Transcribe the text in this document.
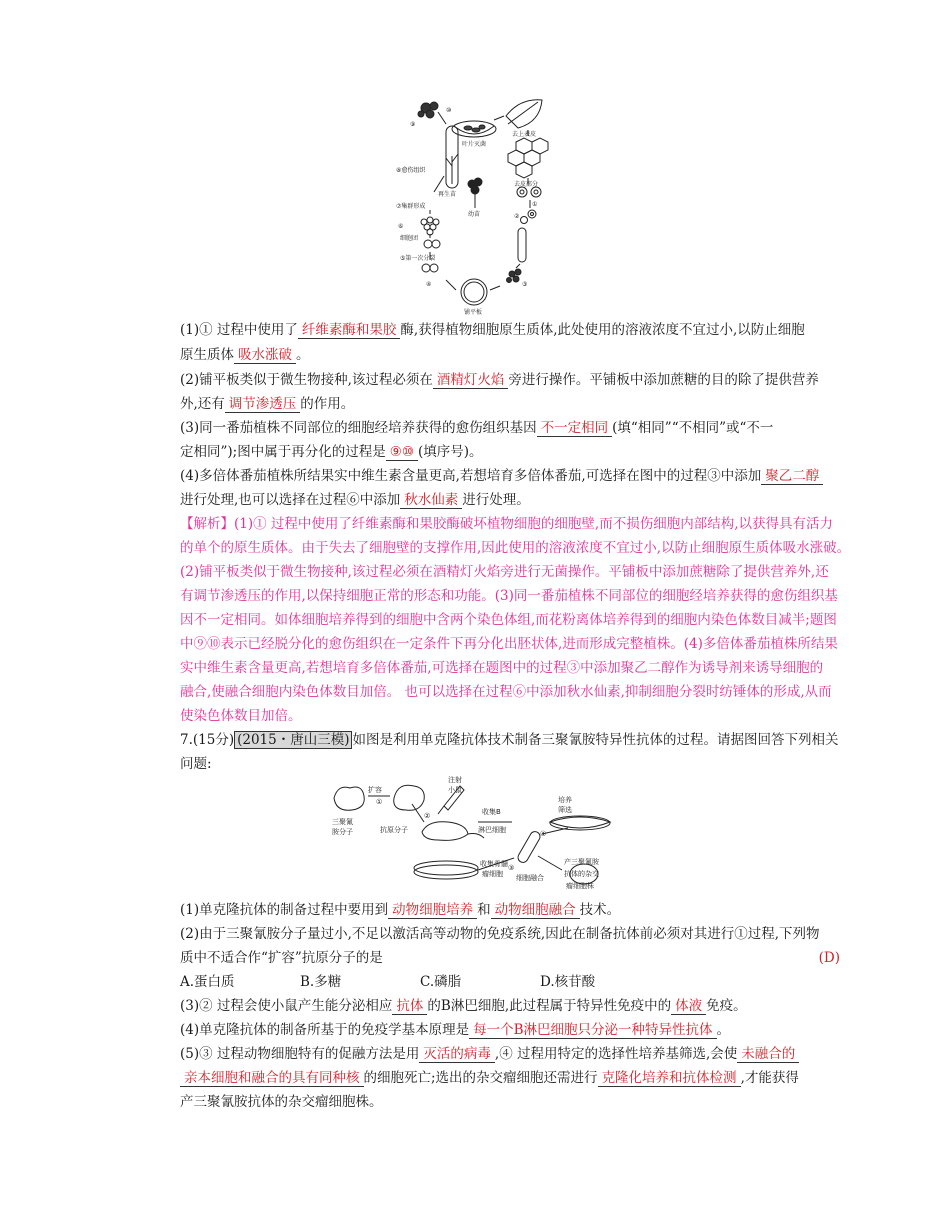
⑩
⑨
叶片灭菌
去上表皮
去皮部分
①
②
⑧愈伤组织
再生苗
幼苗
⑦集群形成
⑥
细胞团
⑤第一次分裂
④	③
铺平板
扩容
注射
小鼠
三聚氰
胺分子	抗原分子
收集B
淋巴细胞
培养
筛选
④
①
②
收集骨髓
瘤细胞
③
细胞融合
产三聚氰胺
抗体的杂交
瘤细胞株
(1)① 过程中使用了 纤维素酶和果胶 酶,获得植物细胞原生质体,此处使用的溶液浓度不宜过小,以防止细胞
原生质体 吸水涨破 。
(2)铺平板类似于微生物接种,该过程必须在 酒精灯火焰 旁进行操作。平铺板中添加蔗糖的目的除了提供营养
外,还有 调节渗透压 的作用。
(3)同一番茄植株不同部位的细胞经培养获得的愈伤组织基因 不一定相同 (填“相同”“不相同”或“不一
定相同”);图中属于再分化的过程是 ⑨⑩ (填序号)。
(4)多倍体番茄植株所结果实中维生素含量更高,若想培育多倍体番茄,可选择在图中的过程③中添加 聚乙二醇
进行处理,也可以选择在过程⑥中添加 秋水仙素 进行处理。
【解析】(1)① 过程中使用了纤维素酶和果胶酶破坏植物细胞的细胞壁,而不损伤细胞内部结构,以获得具有活力
的单个的原生质体。由于失去了细胞壁的支撑作用,因此使用的溶液浓度不宜过小,以防止细胞原生质体吸水涨破。
(2)铺平板类似于微生物接种,该过程必须在酒精灯火焰旁进行无菌操作。平铺板中添加蔗糖除了提供营养外,还
有调节渗透压的作用,以保持细胞正常的形态和功能。(3)同一番茄植株不同部位的细胞经培养获得的愈伤组织基
因不一定相同。如体细胞培养得到的细胞中含两个染色体组,而花粉离体培养得到的细胞内染色体数目减半;题图
中⑨⑩表示已经脱分化的愈伤组织在一定条件下再分化出胚状体,进而形成完整植株。(4)多倍体番茄植株所结果
实中维生素含量更高,若想培育多倍体番茄,可选择在题图中的过程③中添加聚乙二醇作为诱导剂来诱导细胞的
融合,使融合细胞内染色体数目加倍。 也可以选择在过程⑥中添加秋水仙素,抑制细胞分裂时纺锤体的形成,从而
使染色体数目加倍。
7.(15分) (2015・唐山三模) 如图是利用单克隆抗体技术制备三聚氰胺特异性抗体的过程。请据图回答下列相关
问题:
(1)单克隆抗体的制备过程中要用到 动物细胞培养 和 动物细胞融合 技术。
(2)由于三聚氰胺分子量过小,不足以激活高等动物的免疫系统,因此在制备抗体前必须对其进行①过程,下列物
质中不适合作“扩容”抗原分子的是	(D)
A.蛋白质	B.多糖	C.磷脂	D.核苷酸
(3)② 过程会使小鼠产生能分泌相应 抗体 的B淋巴细胞,此过程属于特异性免疫中的 体液 免疫。
(4)单克隆抗体的制备所基于的免疫学基本原理是 每一个B淋巴细胞只分泌一种特异性抗体 。
(5)③ 过程动物细胞特有的促融方法是用 灭活的病毒 ,④ 过程用特定的选择性培养基筛选,会使 未融合的
亲本细胞和融合的具有同种核 的细胞死亡;选出的杂交瘤细胞还需进行 克隆化培养和抗体检测 ,才能获得
产三聚氰胺抗体的杂交瘤细胞株。
